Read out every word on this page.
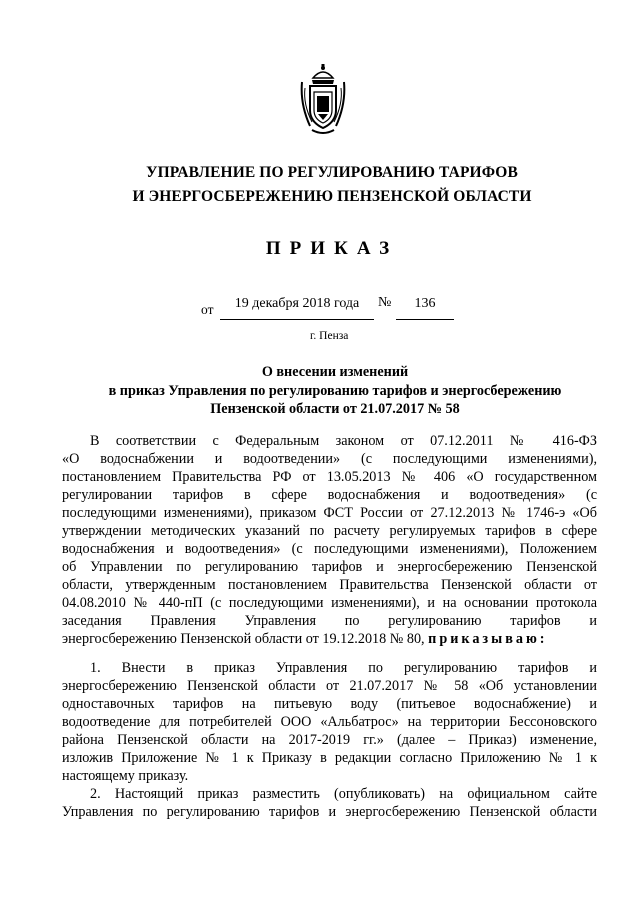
УПРАВЛЕНИЕ ПО РЕГУЛИРОВАНИЮ ТАРИФОВ
И ЭНЕРГОСБЕРЕЖЕНИЮ ПЕНЗЕНСКОЙ ОБЛАСТИ
ПРИКАЗ
от	19 декабря 2018 года	№	136
г. Пенза
О внесении изменений
в приказ Управления по регулированию тарифов и энергосбережению
Пензенской области от 21.07.2017 № 58
В соответствии с Федеральным законом от 07.12.2011 № 416-ФЗ
«О водоснабжении и водоотведении» (с последующими изменениями),
постановлением Правительства РФ от 13.05.2013 № 406 «О государственном
регулировании тарифов в сфере водоснабжения и водоотведения» (с
последующими изменениями), приказом ФСТ России от 27.12.2013 № 1746-э «Об
утверждении методических указаний по расчету регулируемых тарифов в сфере
водоснабжения и водоотведения» (с последующими изменениями), Положением
об Управлении по регулированию тарифов и энергосбережению Пензенской
области, утвержденным постановлением Правительства Пензенской области от
04.08.2010 № 440-пП (с последующими изменениями), и на основании протокола
заседания Правления Управления по регулированию тарифов и
энергосбережению Пензенской области от 19.12.2018 № 80, приказываю:
1. Внести в приказ Управления по регулированию тарифов и
энергосбережению Пензенской области от 21.07.2017 № 58 «Об установлении
одноставочных тарифов на питьевую воду (питьевое водоснабжение) и
водоотведение для потребителей ООО «Альбатрос» на территории Бессоновского
района Пензенской области на 2017-2019 гг.» (далее – Приказ) изменение,
изложив Приложение № 1 к Приказу в редакции согласно Приложению № 1 к
настоящему приказу.
2. Настоящий приказ разместить (опубликовать) на официальном сайте
Управления по регулированию тарифов и энергосбережению Пензенской области
